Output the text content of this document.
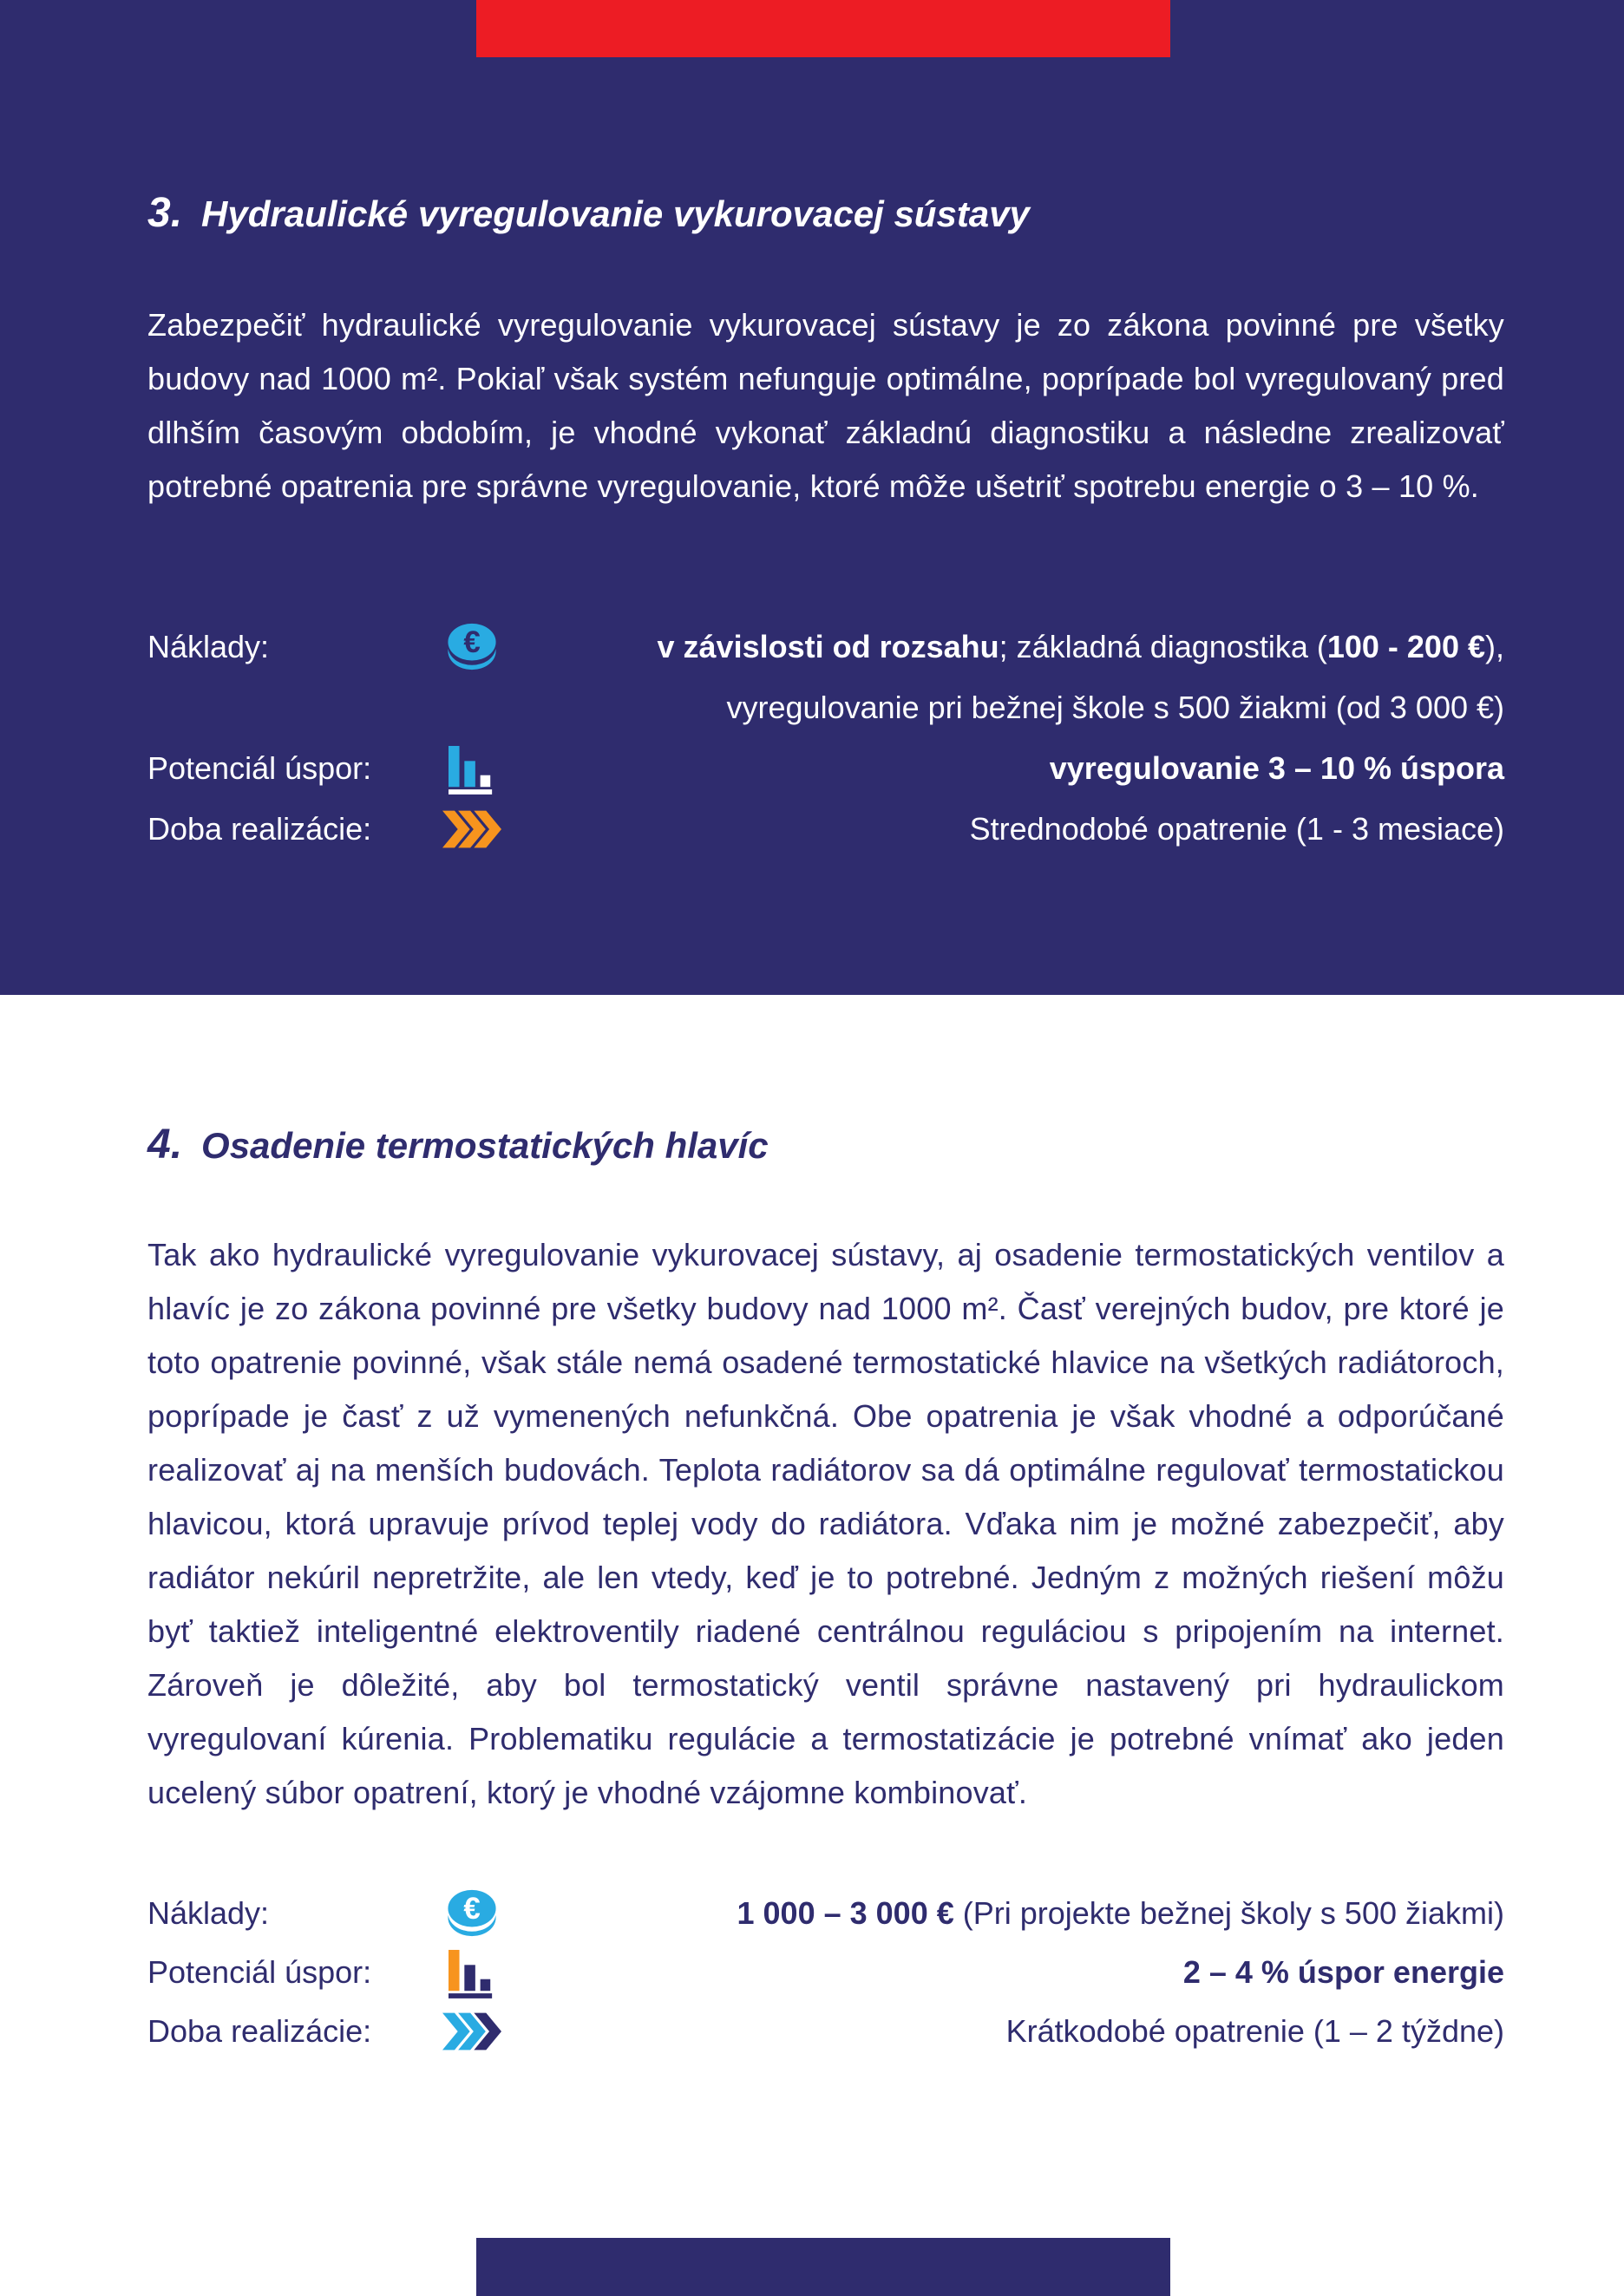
3. Hydraulické vyregulovanie vykurovacej sústavy

Zabezpečiť hydraulické vyregulovanie vykurovacej sústavy je zo zákona povinné pre všetky budovy nad 1000 m². Pokiaľ však systém nefunguje optimálne, poprípade bol vyregulovaný pred dlhším časovým obdobím, je vhodné vykonať základnú diagnostiku a následne zrealizovať potrebné opatrenia pre správne vyregulovanie, ktoré môže ušetriť spotrebu energie o 3 – 10 %.

Náklady:	€	v závislosti od rozsahu; základná diagnostika (100 - 200 €),
vyregulovanie pri bežnej škole s 500 žiakmi (od 3 000 €)
Potenciál úspor:	vyregulovanie 3 – 10 % úspora
Doba realizácie:	Strednodobé opatrenie (1 - 3 mesiace)
4. Osadenie termostatických hlavíc

Tak ako hydraulické vyregulovanie vykurovacej sústavy, aj osadenie termostatických ventilov a hlavíc je zo zákona povinné pre všetky budovy nad 1000 m². Časť verejných budov, pre ktoré je toto opatrenie povinné, však stále nemá osadené termostatické hlavice na všetkých radiátoroch, poprípade je časť z už vymenených nefunkčná. Obe opatrenia je však vhodné a odporúčané realizovať aj na menších budovách. Teplota radiátorov sa dá optimálne regulovať termostatickou hlavicou, ktorá upravuje prívod teplej vody do radiátora. Vďaka nim je možné zabezpečiť, aby radiátor nekúril nepretržite, ale len vtedy, keď je to potrebné. Jedným z možných riešení môžu byť taktiež inteligentné elektroventily riadené centrálnou reguláciou s pripojením na internet. Zároveň je dôležité, aby bol termostatický ventil správne nastavený pri hydraulickom vyregulovaní kúrenia. Problematiku regulácie a termostatizácie je potrebné vnímať ako jeden ucelený súbor opatrení, ktorý je vhodné vzájomne kombinovať.

Náklady:	€	1 000 – 3 000 € (Pri projekte bežnej školy s 500 žiakmi)
Potenciál úspor:	2 – 4 % úspor energie
Doba realizácie:	Krátkodobé opatrenie (1 – 2 týždne)
